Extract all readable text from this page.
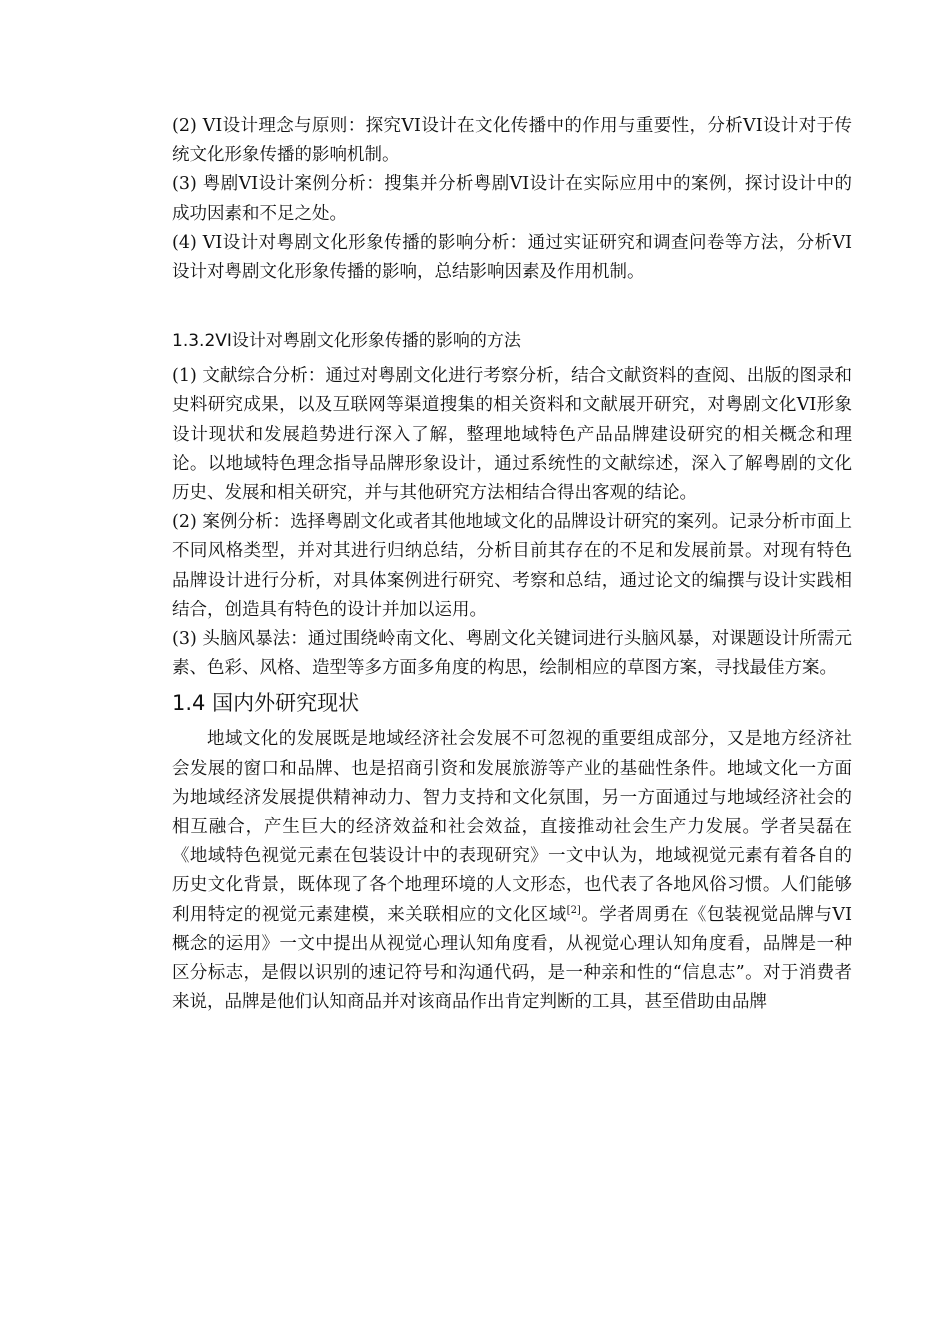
(2) VI设计理念与原则：探究VI设计在文化传播中的作用与重要性，分析VI设计对于传统文化形象传播的影响机制。

(3) 粤剧VI设计案例分析：搜集并分析粤剧VI设计在实际应用中的案例，探讨设计中的成功因素和不足之处。

(4) VI设计对粤剧文化形象传播的影响分析：通过实证研究和调查问卷等方法，分析VI设计对粤剧文化形象传播的影响，总结影响因素及作用机制。

1.3.2VI设计对粤剧文化形象传播的影响的方法

(1) 文献综合分析：通过对粤剧文化进行考察分析，结合文献资料的查阅、出版的图录和史料研究成果，以及互联网等渠道搜集的相关资料和文献展开研究，对粤剧文化VI形象设计现状和发展趋势进行深入了解，整理地域特色产品品牌建设研究的相关概念和理论。以地域特色理念指导品牌形象设计，通过系统性的文献综述，深入了解粤剧的文化历史、发展和相关研究，并与其他研究方法相结合得出客观的结论。

(2) 案例分析：选择粤剧文化或者其他地域文化的品牌设计研究的案列。记录分析市面上不同风格类型，并对其进行归纳总结，分析目前其存在的不足和发展前景。对现有特色品牌设计进行分析，对具体案例进行研究、考察和总结，通过论文的编撰与设计实践相结合，创造具有特色的设计并加以运用。

(3) 头脑风暴法：通过围绕岭南文化、粤剧文化关键词进行头脑风暴，对课题设计所需元素、色彩、风格、造型等多方面多角度的构思，绘制相应的草图方案，寻找最佳方案。

1.4 国内外研究现状

地域文化的发展既是地域经济社会发展不可忽视的重要组成部分，又是地方经济社会发展的窗口和品牌、也是招商引资和发展旅游等产业的基础性条件。地域文化一方面为地域经济发展提供精神动力、智力支持和文化氛围，另一方面通过与地域经济社会的相互融合，产生巨大的经济效益和社会效益，直接推动社会生产力发展。学者吴磊在《地域特色视觉元素在包装设计中的表现研究》一文中认为，地域视觉元素有着各自的历史文化背景，既体现了各个地理环境的人文形态，也代表了各地风俗习惯。人们能够利用特定的视觉元素建模，来关联相应的文化区域[2]。学者周勇在《包装视觉品牌与VI概念的运用》一文中提出从视觉心理认知角度看，从视觉心理认知角度看，品牌是一种区分标志，是假以识别的速记符号和沟通代码，是一种亲和性的“信息志”。对于消费者来说，品牌是他们认知商品并对该商品作出肯定判断的工具，甚至借助由品牌
